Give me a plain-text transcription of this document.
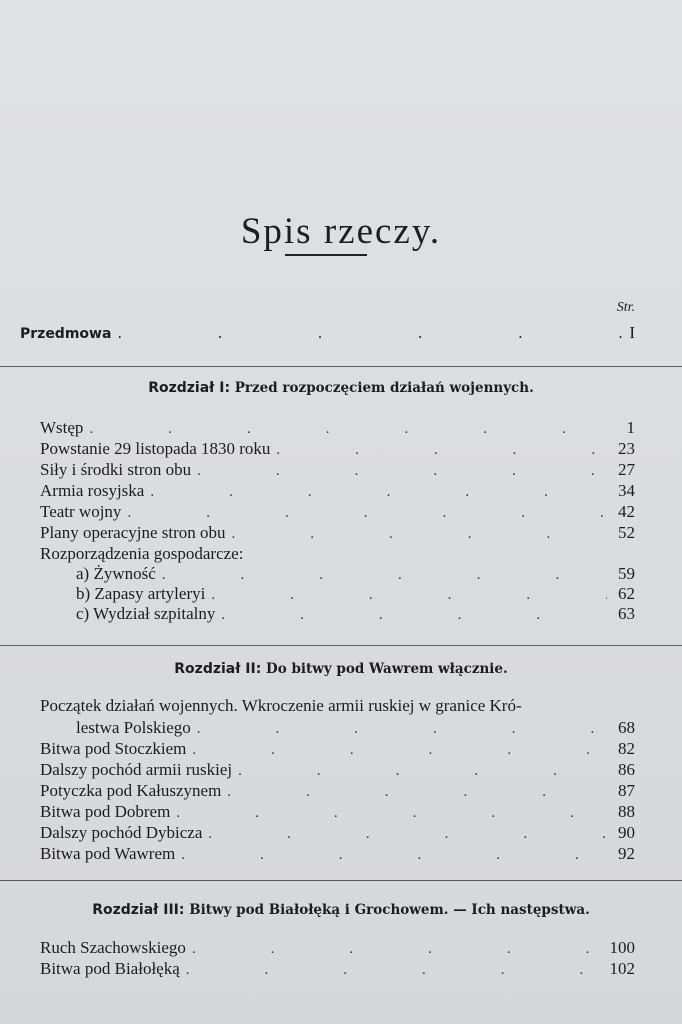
Spis rzeczy.
Str.
Przedmowa .	I
Rozdział I: Przed rozpoczęciem działań wojennych.
Wstęp .	1
Powstanie 29 listopada 1830 roku .	23
Siły i środki stron obu .	27
Armia rosyjska .	34
Teatr wojny .	42
Plany operacyjne stron obu .	52
Rozporządzenia gospodarcze:
a) Żywność .	59
b) Zapasy artyleryi .	62
c) Wydział szpitalny .	63
Rozdział II: Do bitwy pod Wawrem włącznie.
Początek działań wojennych. Wkroczenie armii ruskiej w granice Kró-
lestwa Polskiego .	68
Bitwa pod Stoczkiem .	82
Dalszy pochód armii ruskiej .	86
Potyczka pod Kałuszynem .	87
Bitwa pod Dobrem .	88
Dalszy pochód Dybicza .	90
Bitwa pod Wawrem .	92
Rozdział III: Bitwy pod Białołęką i Grochowem. — Ich następstwa.
Ruch Szachowskiego .	100
Bitwa pod Białołęką .	102
